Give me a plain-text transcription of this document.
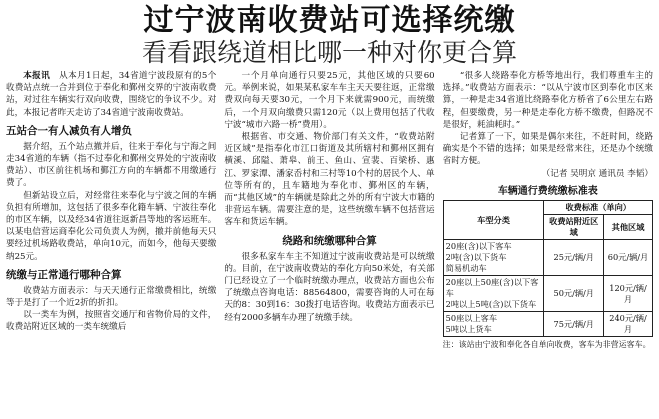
过宁波南收费站可选择统缴
看看跟绕道相比哪一种对你更合算

本报讯　 从本月1日起，34省道宁波段原有的5个收费站点统一合并到位于奉化和鄞州交界的宁波南收费站，对过往车辆实行双向收费，围绕它的争议不少。对此，本报记者昨天走访了34省道宁波南收费站。

五站合一有人减负有人增负

据介绍，五个站点撤并后，往来于奉化与宁海之间走34省道的车辆（指不过奉化和鄞州交界处的宁波南收费站）、市区前往机场和鄞江方向的车辆都不用缴通行费了。

但新站设立后，对经常往来奉化与宁波之间的车辆负担有所增加，这包括了很多奉化籍车辆、宁波往奉化的市区车辆，以及经34省道往返新昌等地的客运班车。以某电信营运商奉化公司负责人为例，撤并前他每天只要经过机场路收费站，单向10元，而如今，他每天要缴纳25元。

统缴与正常通行哪种合算

收费站方面表示：与天天通行正常缴费相比，统缴等于是打了一个近2折的折扣。

以一类车为例，按照省交通厅和省物价局的文件，收费站附近区域的一类车统缴后

一个月单向通行只要25元，其他区域的只要60元。举例来说，如果某私家车车主天天要往返，正常缴费双向每天要30元，一个月下来就需900元，而统缴后，一个月双向缴费只需120元（以上费用包括了代收宁波“城市六路一桥”费用）。

根据省、市交通、物价部门有关文件，“收费站附近区域”是指奉化市江口街道及其所辖村和鄞州区拥有横溪、邱隘、萧皋、前王、鱼山、宣裴、百梁桥、惠江、罗家潭、潘家岙村和三村等10个村的居民个人、单位等所有的，且车籍地为奉化市、鄞州区的车辆，而“其他区域”的车辆就是除此之外的所有宁波大市籍的非营运车辆。需要注意的是，这些统缴车辆不包括营运客车和货运车辆。

绕路和统缴哪种合算

很多私家车车主不知道过宁波南收费站是可以统缴的。目前，在宁波南收费站的奉化方向50米处，有关部门已经设立了一个临时统缴办理点，收费站方面也公布了统缴点咨询电话：88564800，需要咨询的人可在每天的8：30到16：30拨打电话咨询。收费站方面表示已经有2000多辆车办理了统缴手续。

“很多人绕路奉化方桥等地出行，我们尊重车主的选择。”收费站方面表示：“以从宁波市区到奉化市区来算，一种是走34省道比绕路奉化方桥省了6公里左右路程，但要缴费，另一种是走奉化方桥不缴费，但路况不是很好，耗油耗时。”

记者算了一下，如果是偶尔来往，不赶时间，绕路确实是个不错的选择；如果是经常来往，还是办个统缴省时方便。

（记者 吴明京 通讯员 李韬）

车辆通行费统缴标准表
车型分类	收费标准（单向）	
	收费站附近区域	其他区域

20座(含)以下客车
2吨(含)以下货车
简易机动车	25元/辆/月	60元/辆/月

20座以上50座(含)以下客车
2吨以上5吨(含)以下货车	50元/辆/月	120元/辆/月

50座以上客车
5吨以上货车	75元/辆/月	240元/辆/月
注：该站由宁波和奉化各自单向收费，客车为非营运客车。
